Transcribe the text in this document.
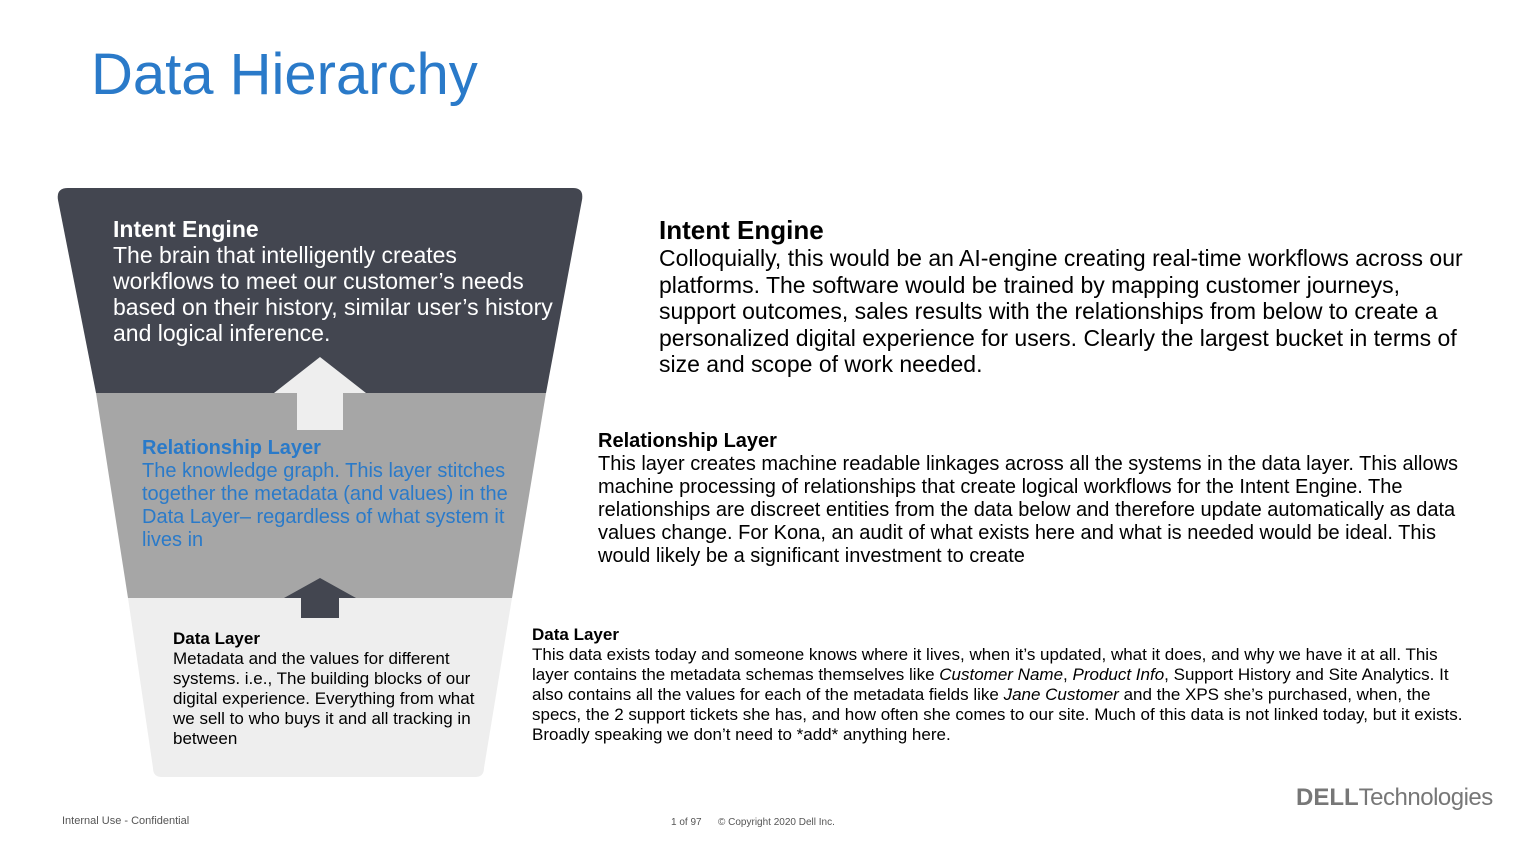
Data Hierarchy
Intent Engine
The brain that intelligently creates workflows to meet our customer’s needs based on their history, similar user’s history and logical inference.
Relationship Layer
The knowledge graph. This layer stitches together the metadata (and values) in the Data Layer– regardless of what system it lives in
Data Layer
Metadata and the values for different systems. i.e., The building blocks of our digital experience. Everything from what we sell to who buys it and all tracking in between
Intent Engine
Colloquially, this would be an AI-engine creating real-time workflows across our platforms. The software would be trained by mapping customer journeys, support outcomes, sales results with the relationships from below to create a personalized digital experience for users. Clearly the largest bucket in terms of size and scope of work needed.
Relationship Layer
This layer creates machine readable linkages across all the systems in the data layer. This allows machine processing of relationships that create logical workflows for the Intent Engine. The relationships are discreet entities from the data below and therefore update automatically as data values change. For Kona, an audit of what exists here and what is needed would be ideal. This would likely be a significant investment to create
Data Layer
This data exists today and someone knows where it lives, when it’s updated, what it does, and why we have it at all. This layer contains the metadata schemas themselves like Customer Name, Product Info, Support History and Site Analytics. It also contains all the values for each of the metadata fields like Jane Customer and the XPS she’s purchased, when, the specs, the 2 support tickets she has, and how often she comes to our site. Much of this data is not linked today, but it exists. Broadly speaking we don’t need to *add* anything here.
Internal Use - Confidential	1 of 97 © Copyright 2020 Dell Inc.
DELLTechnologies
